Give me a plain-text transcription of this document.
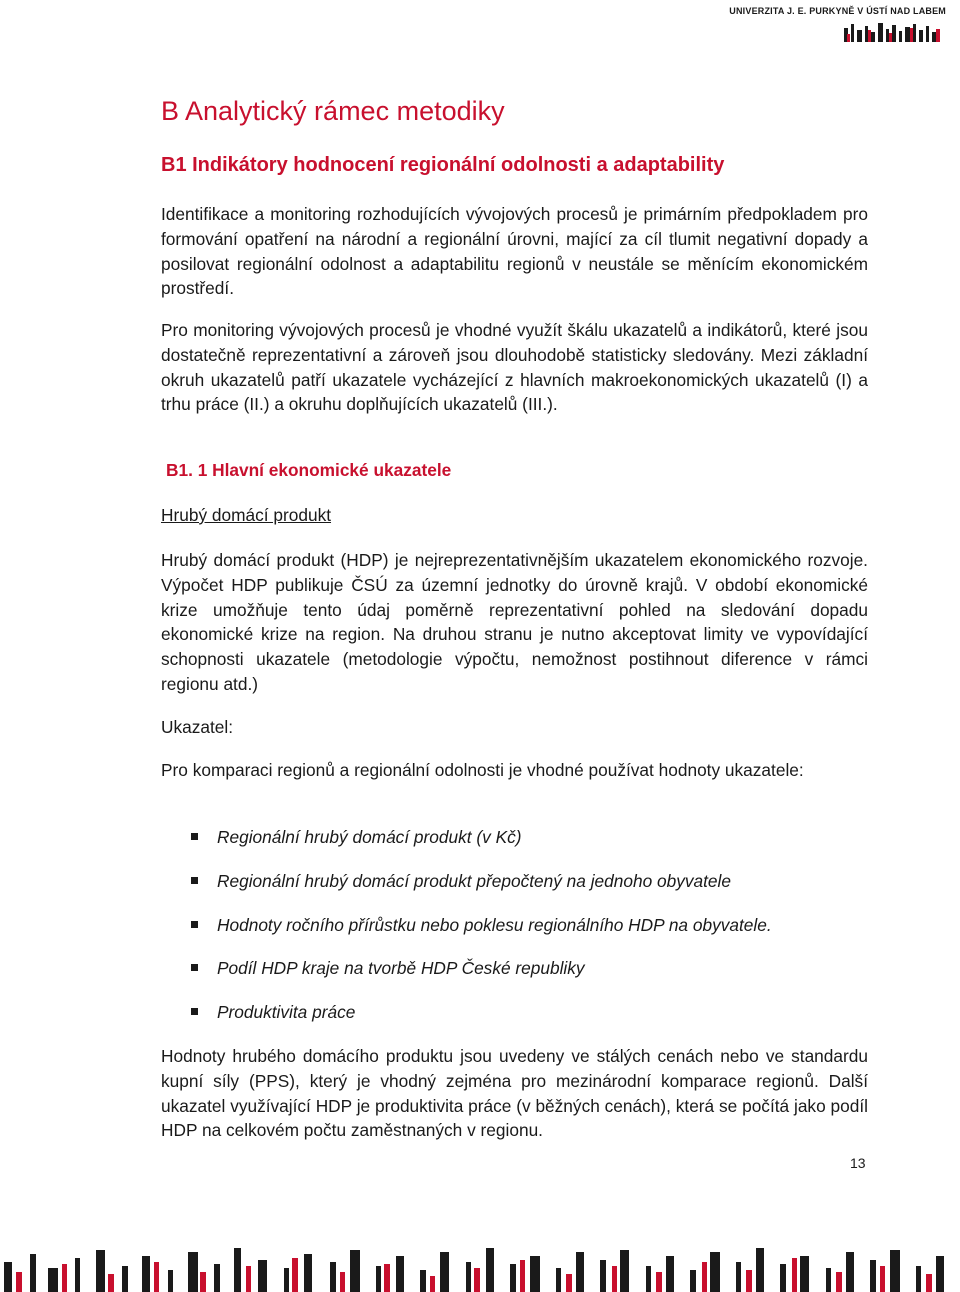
UNIVERZITA J. E. PURKYNĚ V ÚSTÍ NAD LABEM
B Analytický rámec metodiky
B1 Indikátory hodnocení regionální odolnosti a adaptability

Identifikace a monitoring rozhodujících vývojových procesů je primárním předpokladem pro formování opatření na národní a regionální úrovni, mající za cíl tlumit negativní dopady a posilovat regionální odolnost a adaptabilitu regionů v neustále se měnícím ekonomickém prostředí.

Pro monitoring vývojových procesů je vhodné využít škálu ukazatelů a indikátorů, které jsou dostatečně reprezentativní a zároveň jsou dlouhodobě statisticky sledovány. Mezi základní okruh ukazatelů patří ukazatele vycházející z hlavních makroekonomických ukazatelů (I) a trhu práce (II.) a okruhu doplňujících ukazatelů (III.).

B1. 1 Hlavní ekonomické ukazatele
Hrubý domácí produkt

Hrubý domácí produkt (HDP) je nejreprezentativnějším ukazatelem ekonomického rozvoje. Výpočet HDP publikuje ČSÚ za územní jednotky do úrovně krajů. V období ekonomické krize umožňuje tento údaj poměrně reprezentativní pohled na sledování dopadu ekonomické krize na region. Na druhou stranu je nutno akceptovat limity ve vypovídající schopnosti ukazatele (metodologie výpočtu, nemožnost postihnout diference v rámci regionu atd.)

Ukazatel:

Pro komparaci regionů a regionální odolnosti je vhodné používat hodnoty ukazatele:

Regionální hrubý domácí produkt (v Kč)
Regionální hrubý domácí produkt přepočtený na jednoho obyvatele
Hodnoty ročního přírůstku nebo poklesu regionálního HDP na obyvatele.
Podíl HDP kraje na tvorbě HDP České republiky
Produktivita práce

Hodnoty hrubého domácího produktu jsou uvedeny ve stálých cenách nebo ve standardu kupní síly (PPS), který je vhodný zejména pro mezinárodní komparace regionů. Další ukazatel využívající HDP je produktivita práce (v běžných cenách), která se počítá jako podíl HDP na celkovém počtu zaměstnaných v regionu.

13
